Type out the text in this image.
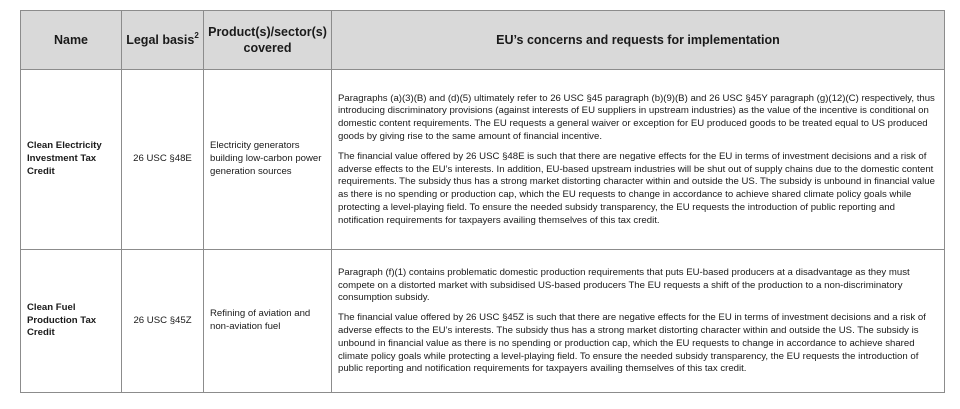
Name	Legal basis$^2$	Product(s)/sector(s) covered	EU’s concerns and requests for implementation
Clean Electricity Investment Tax Credit	26 USC §48E	Electricity generators building low-carbon power generation sources	Paragraphs (a)(3)(B) and (d)(5) ultimately refer to 26 USC §45 paragraph (b)(9)(B) and 26 USC §45Y paragraph (g)(12)(C) respectively, thus introducing discriminatory provisions (against interests of EU suppliers in upstream industries) as the value of the incentive is conditional on domestic content requirements. The EU requests a general waiver or exception for EU produced goods to be treated equal to US produced goods by giving rise to the same amount of financial incentive.

The financial value offered by 26 USC §48E is such that there are negative effects for the EU in terms of investment decisions and a risk of adverse effects to the EU’s interests. In addition, EU-based upstream industries will be shut out of supply chains due to the domestic content requirements. The subsidy thus has a strong market distorting character within and outside the US. The subsidy is unbound in financial value as there is no spending or production cap, which the EU requests to change in accordance to achieve shared climate policy goals while protecting a level-playing field. To ensure the needed subsidy transparency, the EU requests the introduction of public reporting and notification requirements for taxpayers availing themselves of this tax credit.

Clean Fuel Production Tax Credit	26 USC §45Z	Refining of aviation and non-aviation fuel	Paragraph (f)(1) contains problematic domestic production requirements that puts EU-based producers at a disadvantage as they must compete on a distorted market with subsidised US-based producers The EU requests a shift of the production to a non-discriminatory consumption subsidy.

The financial value offered by 26 USC §45Z is such that there are negative effects for the EU in terms of investment decisions and a risk of adverse effects to the EU’s interests. The subsidy thus has a strong market distorting character within and outside the US. The subsidy is unbound in financial value as there is no spending or production cap, which the EU requests to change in accordance to achieve shared climate policy goals while protecting a level-playing field. To ensure the needed subsidy transparency, the EU requests the introduction of public reporting and notification requirements for taxpayers availing themselves of this tax credit.
